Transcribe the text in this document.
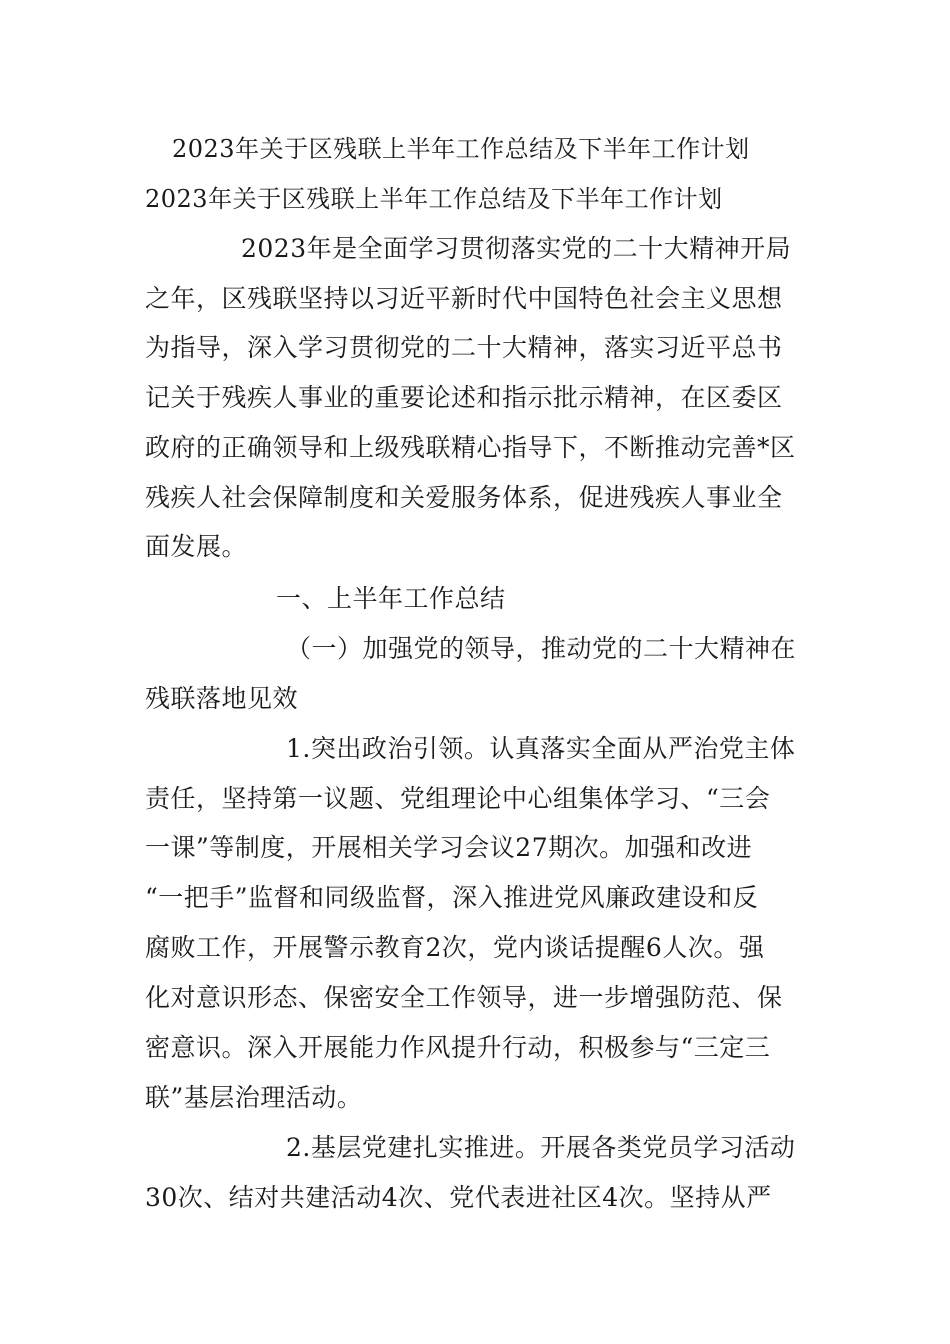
2023年关于区残联上半年工作总结及下半年工作计划
2023年关于区残联上半年工作总结及下半年工作计划
2023年是全面学习贯彻落实党的二十大精神开局
之年，区残联坚持以习近平新时代中国特色社会主义思想
为指导，深入学习贯彻党的二十大精神，落实习近平总书
记关于残疾人事业的重要论述和指示批示精神，在区委区
政府的正确领导和上级残联精心指导下，不断推动完善*区
残疾人社会保障制度和关爱服务体系，促进残疾人事业全
面发展。
一、上半年工作总结
（一）加强党的领导，推动党的二十大精神在
残联落地见效
1.突出政治引领。认真落实全面从严治党主体
责任，坚持第一议题、党组理论中心组集体学习、“三会
一课”等制度，开展相关学习会议27期次。加强和改进
“一把手”监督和同级监督，深入推进党风廉政建设和反
腐败工作，开展警示教育2次，党内谈话提醒6人次。强
化对意识形态、保密安全工作领导，进一步增强防范、保
密意识。深入开展能力作风提升行动，积极参与“三定三
联”基层治理活动。
2.基层党建扎实推进。开展各类党员学习活动
30次、结对共建活动4次、党代表进社区4次。坚持从严
